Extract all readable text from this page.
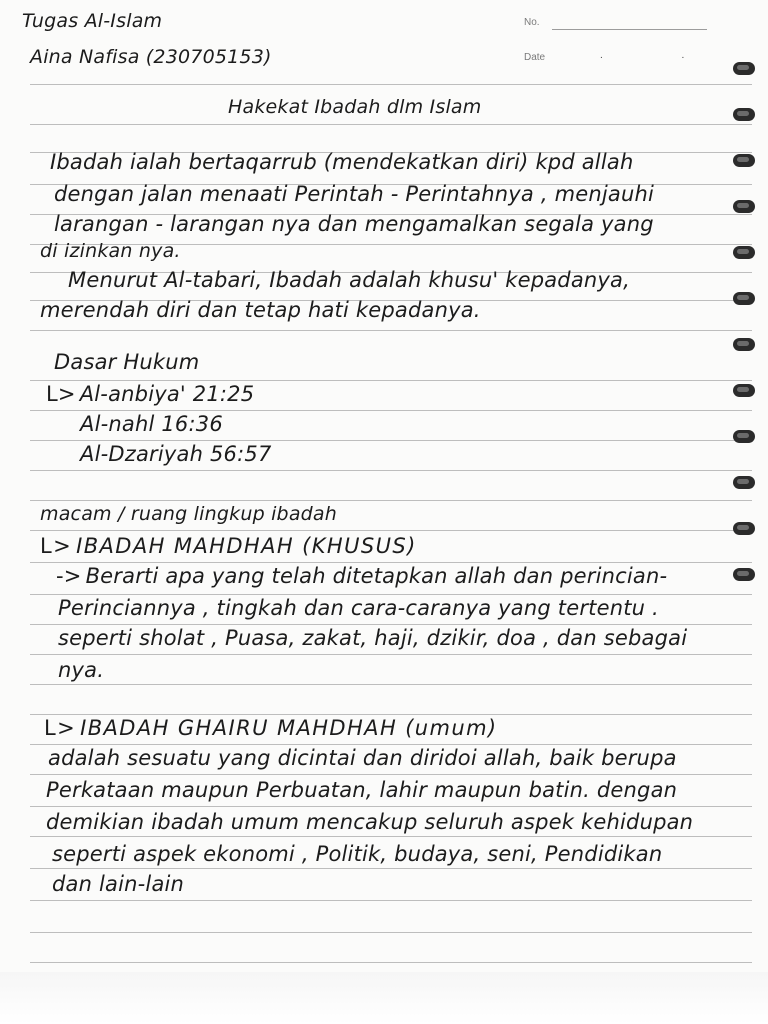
Tugas Al-Islam
Aina Nafisa (230705153)
No.
Date	. .
Hakekat Ibadah dlm Islam
Ibadah ialah bertaqarrub (mendekatkan diri) kpd allah
dengan jalan menaati Perintah - Perintahnya , menjauhi
larangan - larangan nya dan mengamalkan segala yang
di izinkan nya.
Menurut Al-tabari, Ibadah adalah khusu' kepadanya,
merendah diri dan tetap hati kepadanya.
Dasar Hukum
L> Al-anbiya' 21:25
Al-nahl 16:36
Al-Dzariyah 56:57
macam / ruang lingkup ibadah
L> IBADAH MAHDHAH (KHUSUS)
-> Berarti apa yang telah ditetapkan allah dan perincian-
Perinciannya , tingkah dan cara-caranya yang tertentu .
seperti sholat , Puasa, zakat, haji, dzikir, doa , dan sebagai
nya.
L> IBADAH GHAIRU MAHDHAH (umum)
adalah sesuatu yang dicintai dan diridoi allah, baik berupa
Perkataan maupun Perbuatan, lahir maupun batin. dengan
demikian ibadah umum mencakup seluruh aspek kehidupan
seperti aspek ekonomi , Politik, budaya, seni, Pendidikan
dan lain-lain
